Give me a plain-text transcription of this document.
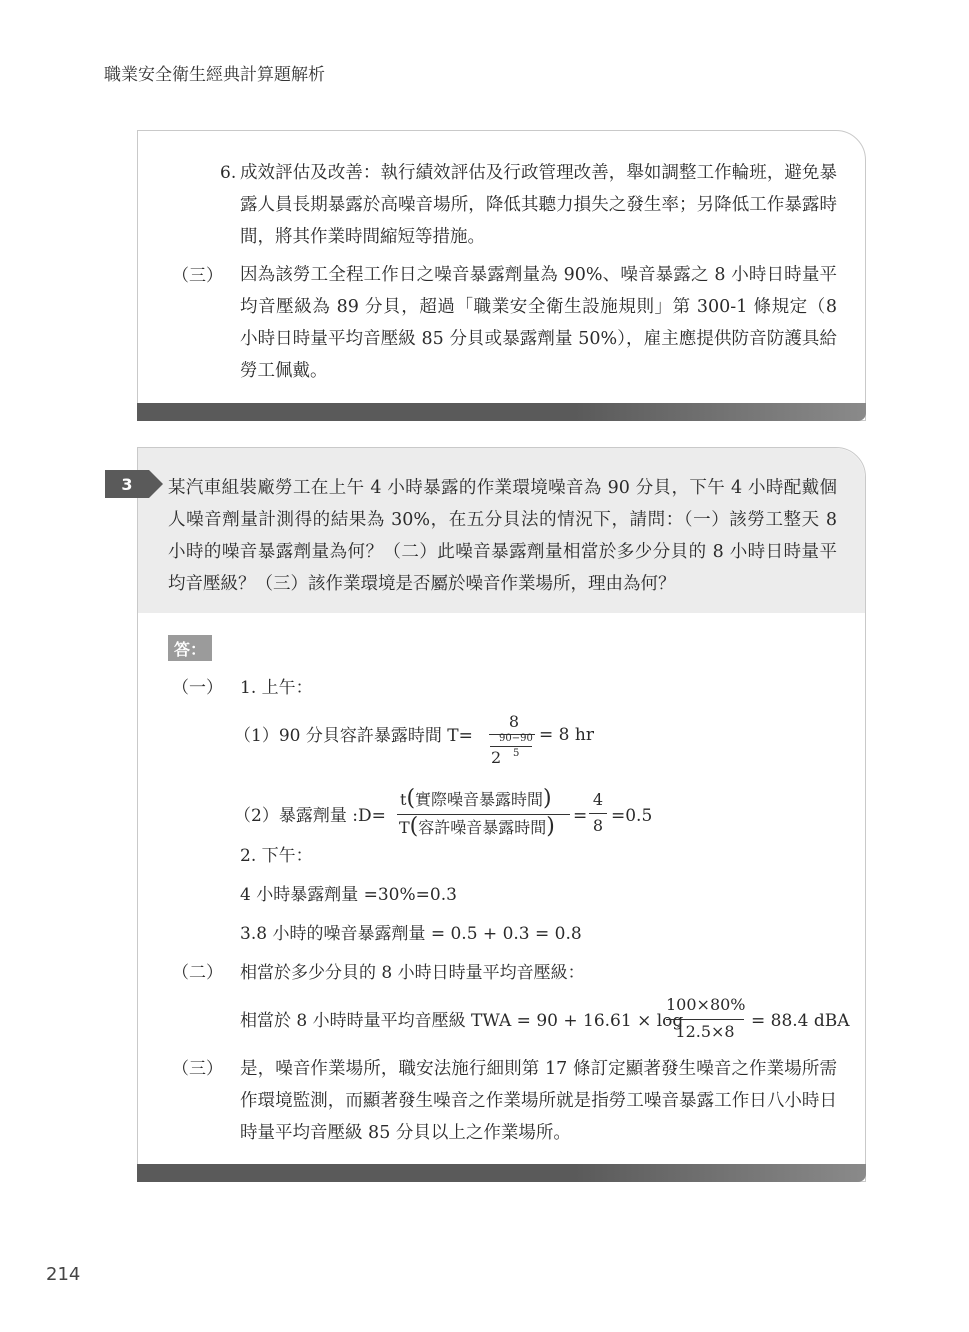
職業安全衛生經典計算題解析
6. 成效評估及改善：執行績效評估及行政管理改善，舉如調整工作輪班，避免暴露人員長期暴露於高噪音場所，降低其聽力損失之發生率；另降低工作暴露時間，將其作業時間縮短等措施。
（三） 因為該勞工全程工作日之噪音暴露劑量為 90%、噪音暴露之 8 小時日時量平均音壓級為 89 分貝，超過「職業安全衛生設施規則」第 300-1 條規定（8 小時日時量平均音壓級 85 分貝或暴露劑量 50%），雇主應提供防音防護具給勞工佩戴。
3	某汽車組裝廠勞工在上午 4 小時暴露的作業環境噪音為 90 分貝，下午 4 小時配戴個人噪音劑量計測得的結果為 30%，在五分貝法的情況下，請問：（一）該勞工整天 8 小時的噪音暴露劑量為何？（二）此噪音暴露劑量相當於多少分貝的 8 小時日時量平均音壓級？（三）該作業環境是否屬於噪音作業場所，理由為何？
答：
（一） 1. 上午：
（1）90 分貝容許暴露時間 T=
8
90−90
2 5
= 8 hr
（2）暴露劑量 :D=
t(實際噪音暴露時間)
T(容許噪音暴露時間) =
4
8 =0.5
2. 下午：
4 小時暴露劑量 =30%=0.3
3.8 小時的噪音暴露劑量 = 0.5 + 0.3 = 0.8
（二） 相當於多少分貝的 8 小時日時量平均音壓級：
相當於 8 小時時量平均音壓級 TWA = 90 + 16.61 × log
100×80%
12.5×8
= 88.4 dBA
（三） 是，噪音作業場所，職安法施行細則第 17 條訂定顯著發生噪音之作業場所需作環境監測，而顯著發生噪音之作業場所就是指勞工噪音暴露工作日八小時日時量平均音壓級 85 分貝以上之作業場所。
214
